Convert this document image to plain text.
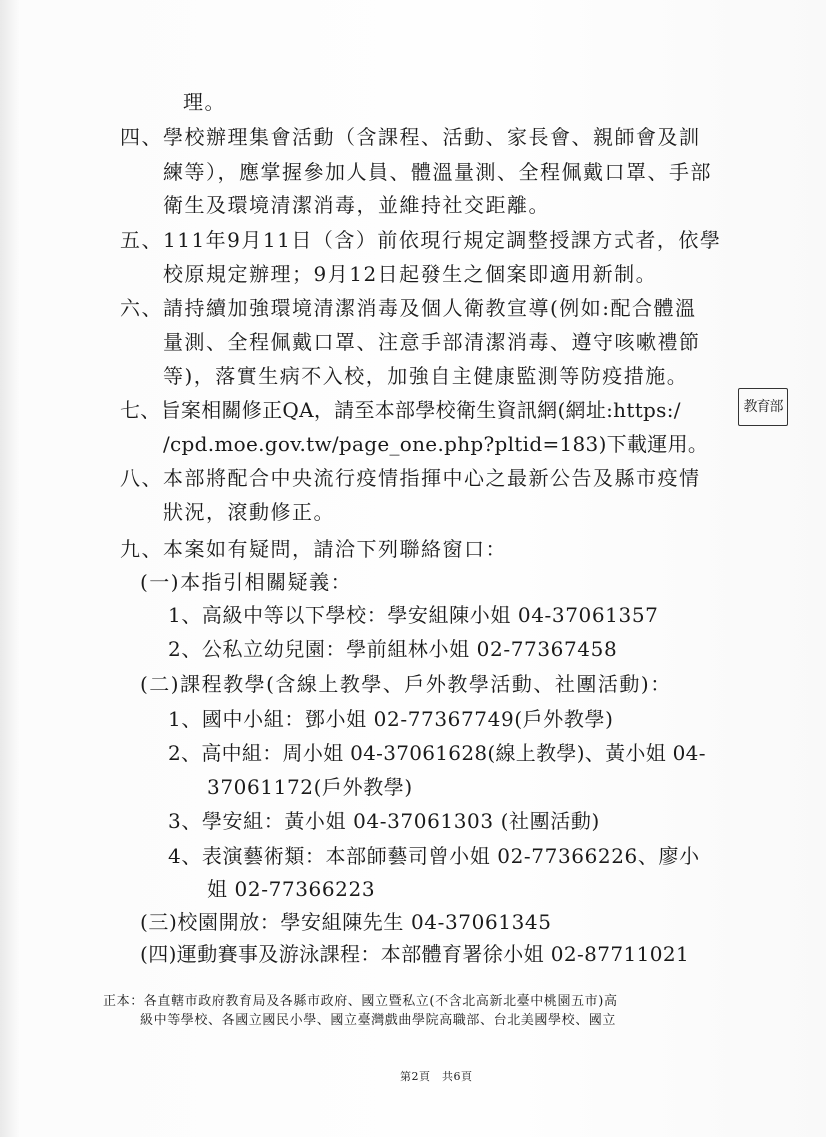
理。
四、學校辦理集會活動（含課程、活動、家長會、親師會及訓
練等），應掌握參加人員、體溫量測、全程佩戴口罩、手部
衛生及環境清潔消毒，並維持社交距離。
五、111年9月11日（含）前依現行規定調整授課方式者，依學
校原規定辦理；9月12日起發生之個案即適用新制。
六、請持續加強環境清潔消毒及個人衛教宣導(例如:配合體溫
量測、全程佩戴口罩、注意手部清潔消毒、遵守咳嗽禮節
等)，落實生病不入校，加強自主健康監測等防疫措施。
七、旨案相關修正QA，請至本部學校衛生資訊網(網址:https:/
/cpd.moe.gov.tw/page_one.php?pltid=183)下載運用。
八、本部將配合中央流行疫情指揮中心之最新公告及縣市疫情
狀況，滾動修正。
九、本案如有疑問，請洽下列聯絡窗口：
(一)本指引相關疑義：
1、高級中等以下學校：學安組陳小姐 04-37061357
2、公私立幼兒園：學前組林小姐 02-77367458
(二)課程教學(含線上教學、戶外教學活動、社團活動)：
1、國中小組：鄧小姐 02-77367749(戶外教學)
2、高中組：周小姐 04-37061628(線上教學)、黃小姐 04-
37061172(戶外教學)
3、學安組：黃小姐 04-37061303 (社團活動)
4、表演藝術類：本部師藝司曾小姐 02-77366226、廖小
姐 02-77366223
(三)校園開放：學安組陳先生 04-37061345
(四)運動賽事及游泳課程：本部體育署徐小姐 02-87711021
正本：各直轄市政府教育局及各縣市政府、國立暨私立(不含北高新北臺中桃園五市)高
級中等學校、各國立國民小學、國立臺灣戲曲學院高職部、台北美國學校、國立
第2頁　共6頁
教育部
